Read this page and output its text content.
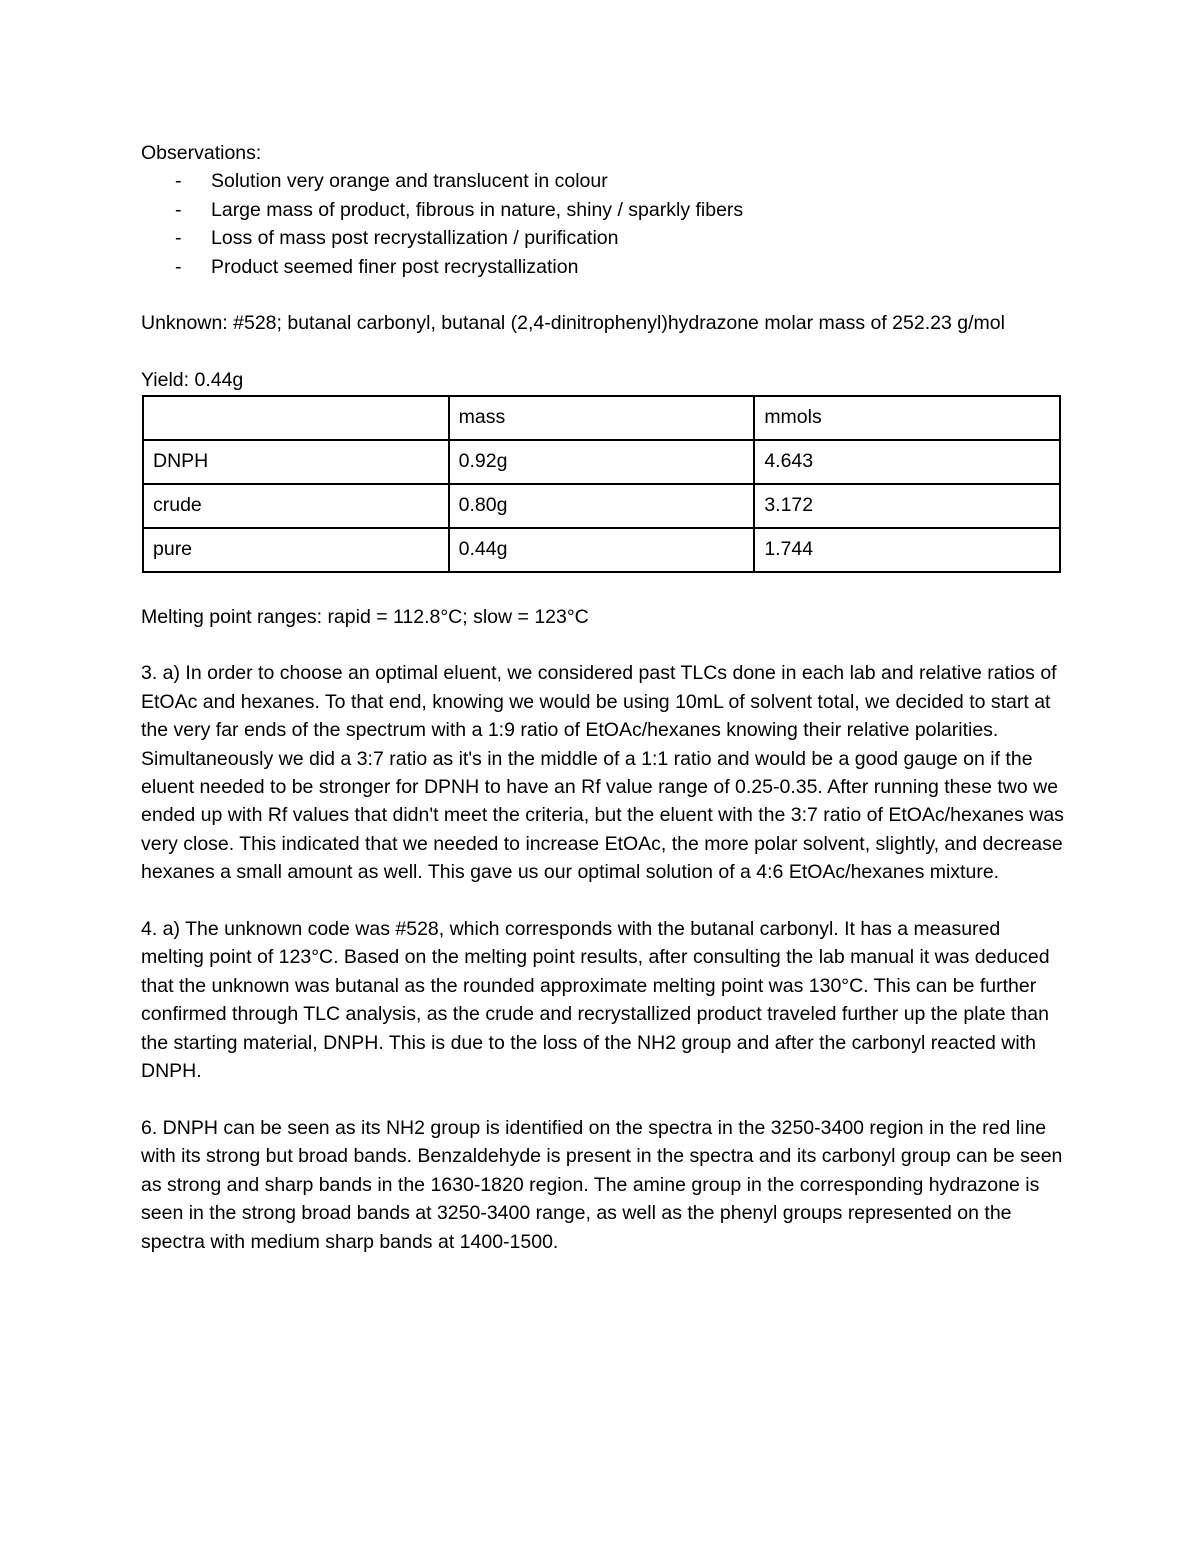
Observations:

- Solution very orange and translucent in colour
- Large mass of product, fibrous in nature, shiny / sparkly fibers
- Loss of mass post recrystallization / purification
- Product seemed finer post recrystallization

Unknown: #528; butanal carbonyl, butanal (2,4-dinitrophenyl)hydrazone molar mass of 252.23 g/mol

Yield: 0.44g

	mass	mmols
DNPH	0.92g	4.643
crude	0.80g	3.172
pure	0.44g	1.744

Melting point ranges: rapid = 112.8°C; slow = 123°C

3. a) In order to choose an optimal eluent, we considered past TLCs done in each lab and relative ratios of EtOAc and hexanes. To that end, knowing we would be using 10mL of solvent total, we decided to start at the very far ends of the spectrum with a 1:9 ratio of EtOAc/hexanes knowing their relative polarities. Simultaneously we did a 3:7 ratio as it's in the middle of a 1:1 ratio and would be a good gauge on if the eluent needed to be stronger for DPNH to have an Rf value range of 0.25-0.35. After running these two we ended up with Rf values that didn't meet the criteria, but the eluent with the 3:7 ratio of EtOAc/hexanes was very close. This indicated that we needed to increase EtOAc, the more polar solvent, slightly, and decrease hexanes a small amount as well. This gave us our optimal solution of a 4:6 EtOAc/hexanes mixture.

4. a) The unknown code was #528, which corresponds with the butanal carbonyl. It has a measured melting point of 123°C. Based on the melting point results, after consulting the lab manual it was deduced that the unknown was butanal as the rounded approximate melting point was 130°C. This can be further confirmed through TLC analysis, as the crude and recrystallized product traveled further up the plate than the starting material, DNPH. This is due to the loss of the NH2 group and after the carbonyl reacted with DNPH.

6. DNPH can be seen as its NH2 group is identified on the spectra in the 3250-3400 region in the red line with its strong but broad bands. Benzaldehyde is present in the spectra and its carbonyl group can be seen as strong and sharp bands in the 1630-1820 region. The amine group in the corresponding hydrazone is seen in the strong broad bands at 3250-3400 range, as well as the phenyl groups represented on the spectra with medium sharp bands at 1400-1500.
